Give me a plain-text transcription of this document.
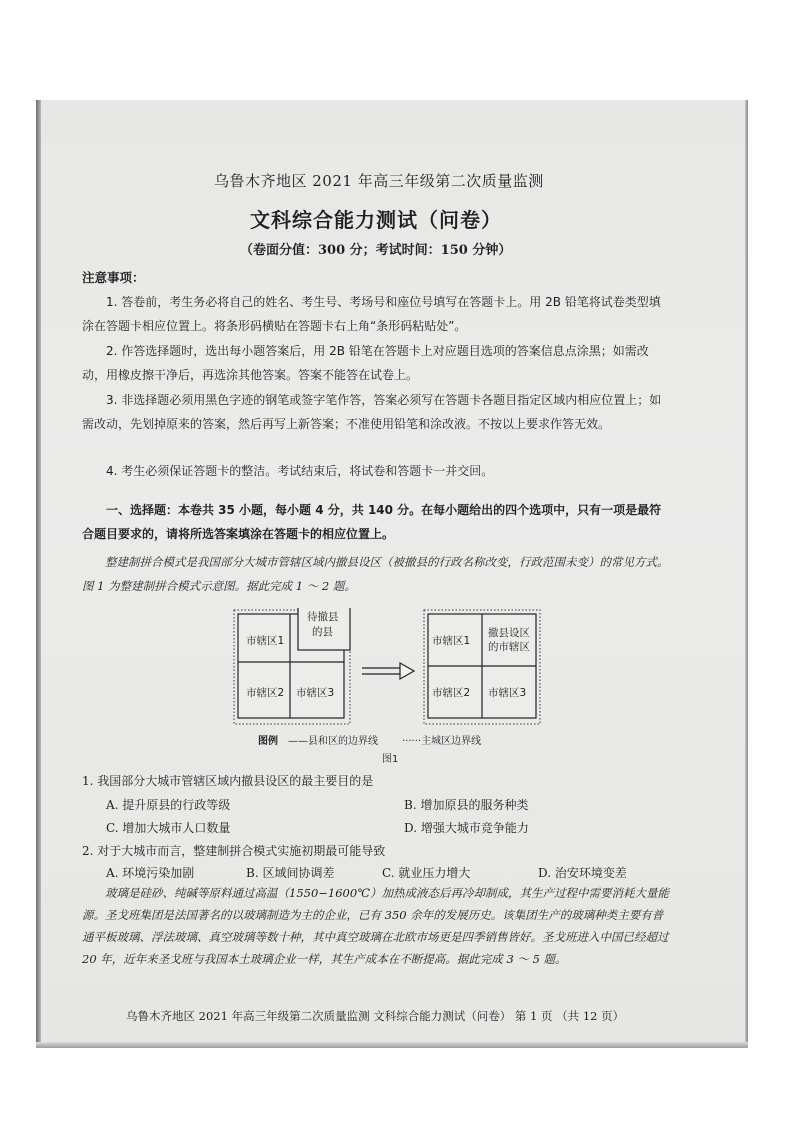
乌鲁木齐地区 2021 年高三年级第二次质量监测
文科综合能力测试（问卷）
（卷面分值：300 分；考试时间：150 分钟）
注意事项：
1. 答卷前，考生务必将自己的姓名、考生号、考场号和座位号填写在答题卡上。用 2B 铅笔将试卷类型填涂在答题卡相应位置上。将条形码横贴在答题卡右上角“条形码粘贴处”。
2. 作答选择题时，选出每小题答案后，用 2B 铅笔在答题卡上对应题目选项的答案信息点涂黑；如需改动，用橡皮擦干净后，再选涂其他答案。答案不能答在试卷上。
3. 非选择题必须用黑色字迹的钢笔或签字笔作答，答案必须写在答题卡各题目指定区域内相应位置上；如需改动，先划掉原来的答案，然后再写上新答案；不准使用铅笔和涂改液。不按以上要求作答无效。
4. 考生必须保证答题卡的整洁。考试结束后，将试卷和答题卡一并交回。
一、选择题：本卷共 35 小题，每小题 4 分，共 140 分。在每小题给出的四个选项中，只有一项是最符合题目要求的，请将所选答案填涂在答题卡的相应位置上。
整建制拼合模式是我国部分大城市管辖区域内撤县设区（被撤县的行政名称改变，行政范围未变）的常见方式。图 1 为整建制拼合模式示意图。据此完成 1 ～ 2 题。
市辖区1
市辖区2 市辖区3
待撤县
的县
市辖区1
撤县设区
的市辖区
市辖区2 市辖区3
图例 ——县和区的边界线 ······主城区边界线
图1
1. 我国部分大城市管辖区域内撤县设区的最主要目的是
A. 提升原县的行政等级	B. 增加原县的服务种类
C. 增加大城市人口数量	D. 增强大城市竞争能力
2. 对于大城市而言，整建制拼合模式实施初期最可能导致
A. 环境污染加剧	B. 区域间协调差	C. 就业压力增大	D. 治安环境变差
玻璃是硅砂、纯碱等原料通过高温（1550−1600℃）加热成液态后再冷却制成，其生产过程中需要消耗大量能源。圣戈班集团是法国著名的以玻璃制造为主的企业，已有 350 余年的发展历史。该集团生产的玻璃种类主要有普通平板玻璃、浮法玻璃、真空玻璃等数十种，其中真空玻璃在北欧市场更是四季销售皆好。圣戈班进入中国已经超过 20 年，近年来圣戈班与我国本土玻璃企业一样，其生产成本在不断提高。据此完成 3 ～ 5 题。
乌鲁木齐地区 2021 年高三年级第二次质量监测 文科综合能力测试（问卷） 第 1 页 （共 12 页）
